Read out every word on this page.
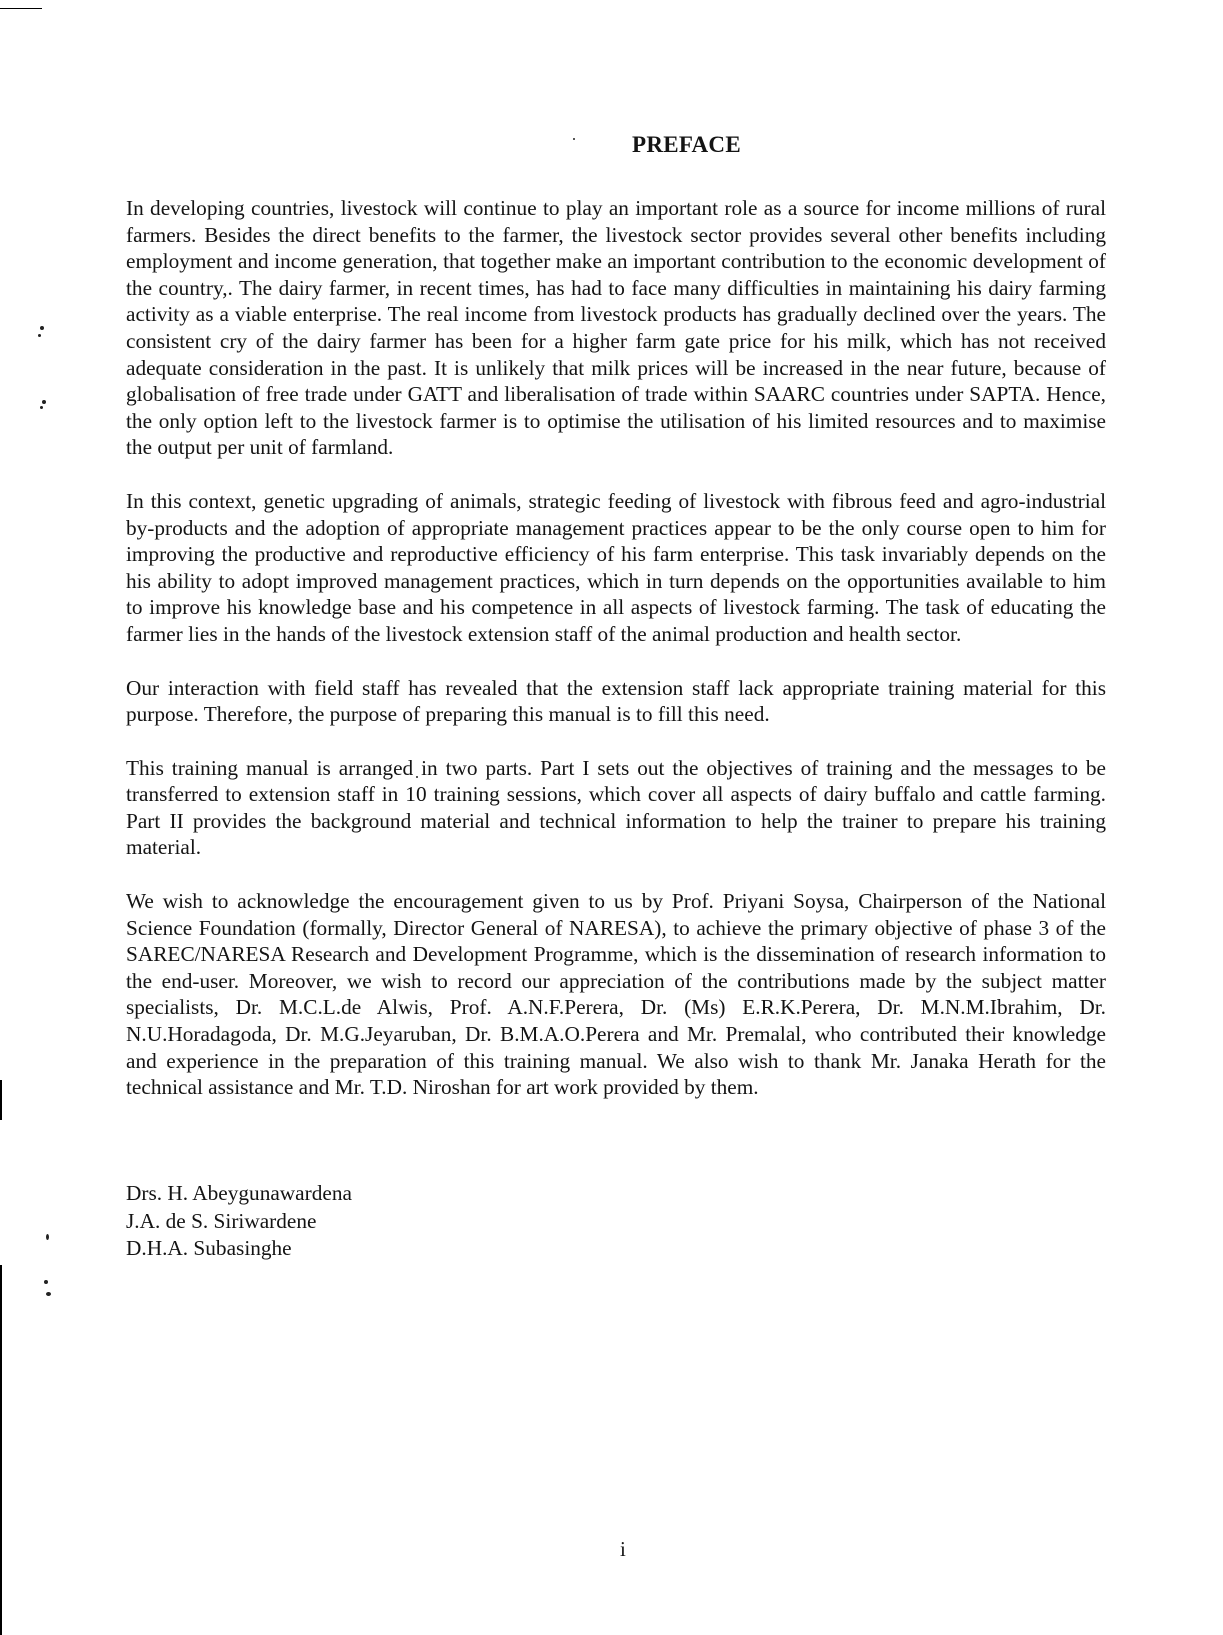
PREFACE

In developing countries, livestock will continue to play an important role as a source for income millions of rural farmers. Besides the direct benefits to the farmer, the livestock sector provides several other benefits including employment and income generation, that together make an important contribution to the economic development of the country,. The dairy farmer, in recent times, has had to face many difficulties in maintaining his dairy farming activity as a viable enterprise. The real income from livestock products has gradually declined over the years. The consistent cry of the dairy farmer has been for a higher farm gate price for his milk, which has not received adequate consideration in the past. It is unlikely that milk prices will be increased in the near future, because of globalisation of free trade under GATT and liberalisation of trade within SAARC countries under SAPTA. Hence, the only option left to the livestock farmer is to optimise the utilisation of his limited resources and to maximise the output per unit of farmland.

In this context, genetic upgrading of animals, strategic feeding of livestock with fibrous feed and agro-industrial by-products and the adoption of appropriate management practices appear to be the only course open to him for improving the productive and reproductive efficiency of his farm enterprise. This task invariably depends on the his ability to adopt improved management practices, which in turn depends on the opportunities available to him to improve his knowledge base and his competence in all aspects of livestock farming. The task of educating the farmer lies in the hands of the livestock extension staff of the animal production and health sector.

Our interaction with field staff has revealed that the extension staff lack appropriate training material for this purpose. Therefore, the purpose of preparing this manual is to fill this need.

This training manual is arranged in two parts. Part I sets out the objectives of training and the messages to be transferred to extension staff in 10 training sessions, which cover all aspects of dairy buffalo and cattle farming. Part II provides the background material and technical information to help the trainer to prepare his training material.

We wish to acknowledge the encouragement given to us by Prof. Priyani Soysa, Chairperson of the National Science Foundation (formally, Director General of NARESA), to achieve the primary objective of phase 3 of the SAREC/NARESA Research and Development Programme, which is the dissemination of research information to the end-user. Moreover, we wish to record our appreciation of the contributions made by the subject matter specialists, Dr. M.C.L.de Alwis, Prof. A.N.F.Perera, Dr. (Ms) E.R.K.Perera, Dr. M.N.M.Ibrahim, Dr. N.U.Horadagoda, Dr. M.G.Jeyaruban, Dr. B.M.A.O.Perera and Mr. Premalal, who contributed their knowledge and experience in the preparation of this training manual. We also wish to thank Mr. Janaka Herath for the technical assistance and Mr. T.D. Niroshan for art work provided by them.

Drs. H. Abeygunawardena
J.A. de S. Siriwardene
D.H.A. Subasinghe
i
